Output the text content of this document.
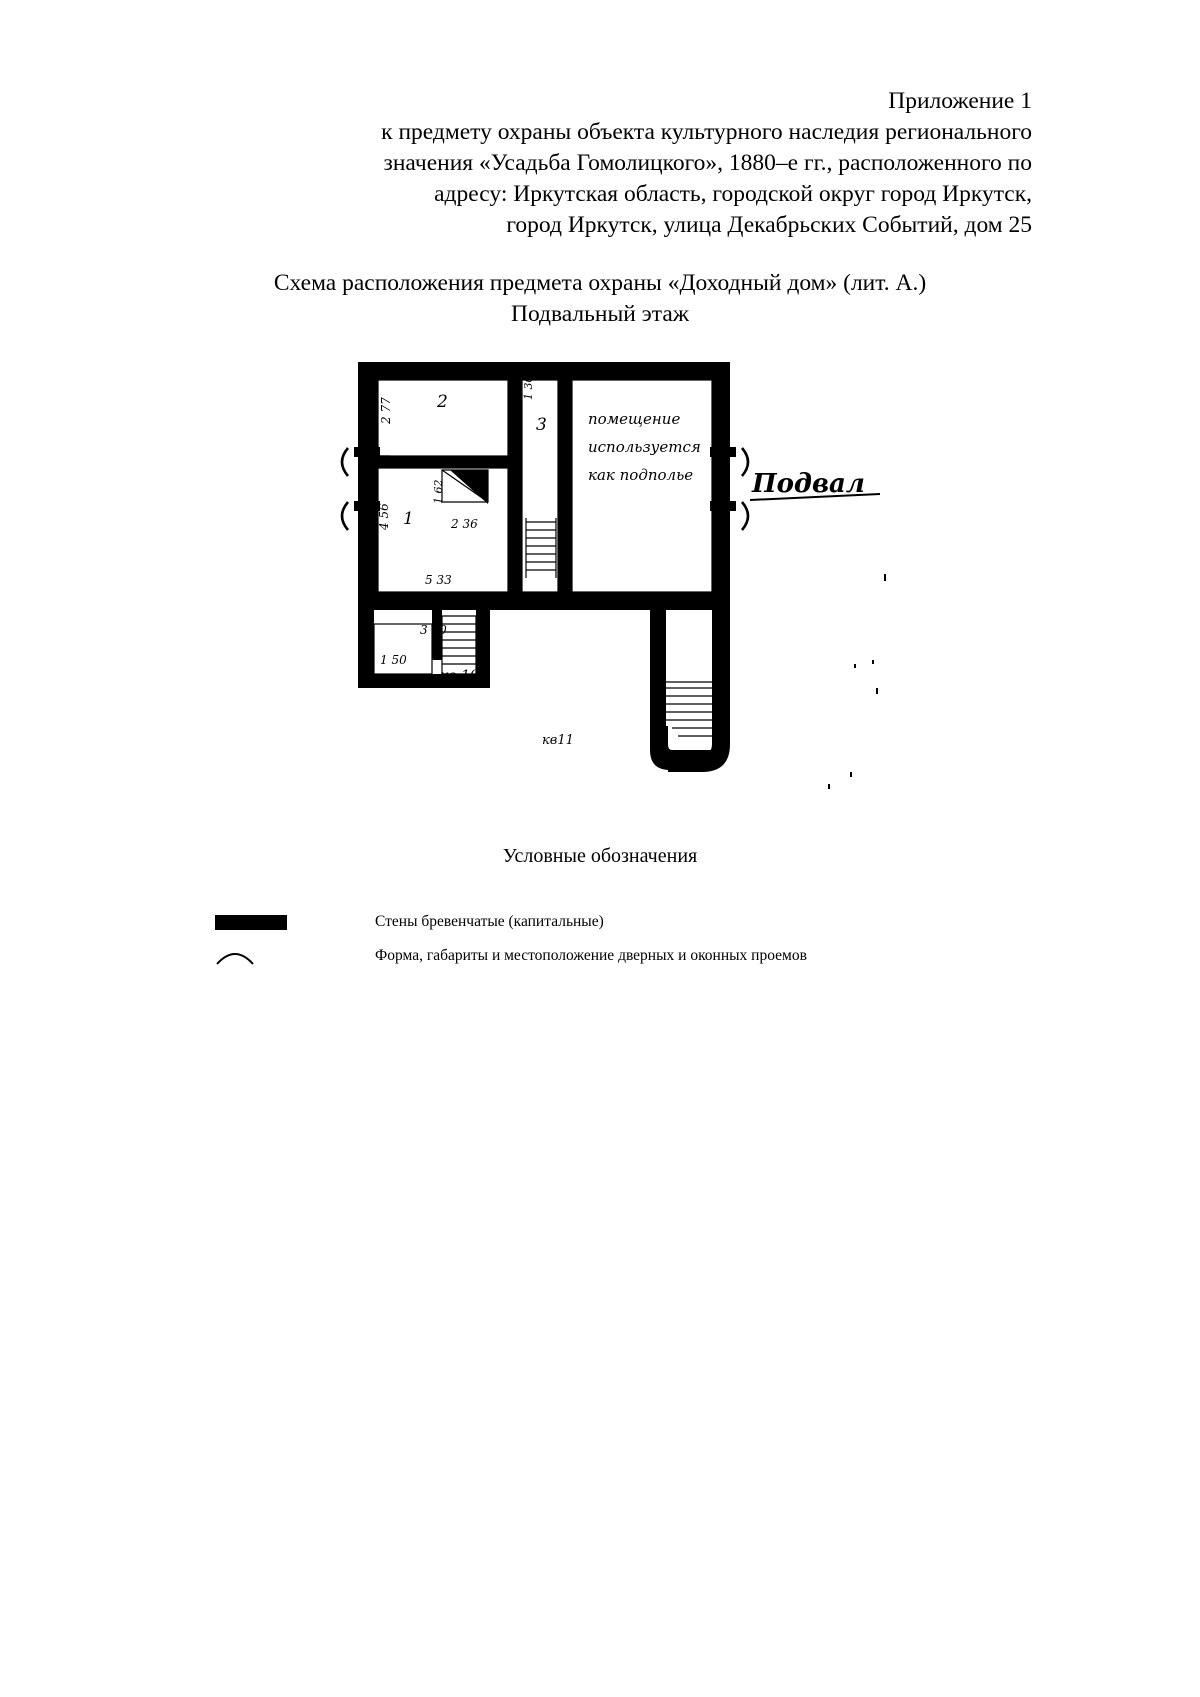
Приложение 1
к предмету охраны объекта культурного наследия регионального
значения «Усадьба Гомолицкого», 1880–е гг., расположенного по
адресу: Иркутская область, городской округ город Иркутск,
город Иркутск, улица Декабрьских Событий, дом 25
Схема расположения предмета охраны «Доходный дом» (лит. А.)
Подвальный этаж
2
1
3
2 77
0,85
4 56
1 62
2 36
5 33
1 30
3 90
1 50
помещение
используется
как подполье
кв 10
кв11
Подвал
Условные обозначения
Стены бревенчатые (капитальные)
Форма, габариты и местоположение дверных и оконных проемов
